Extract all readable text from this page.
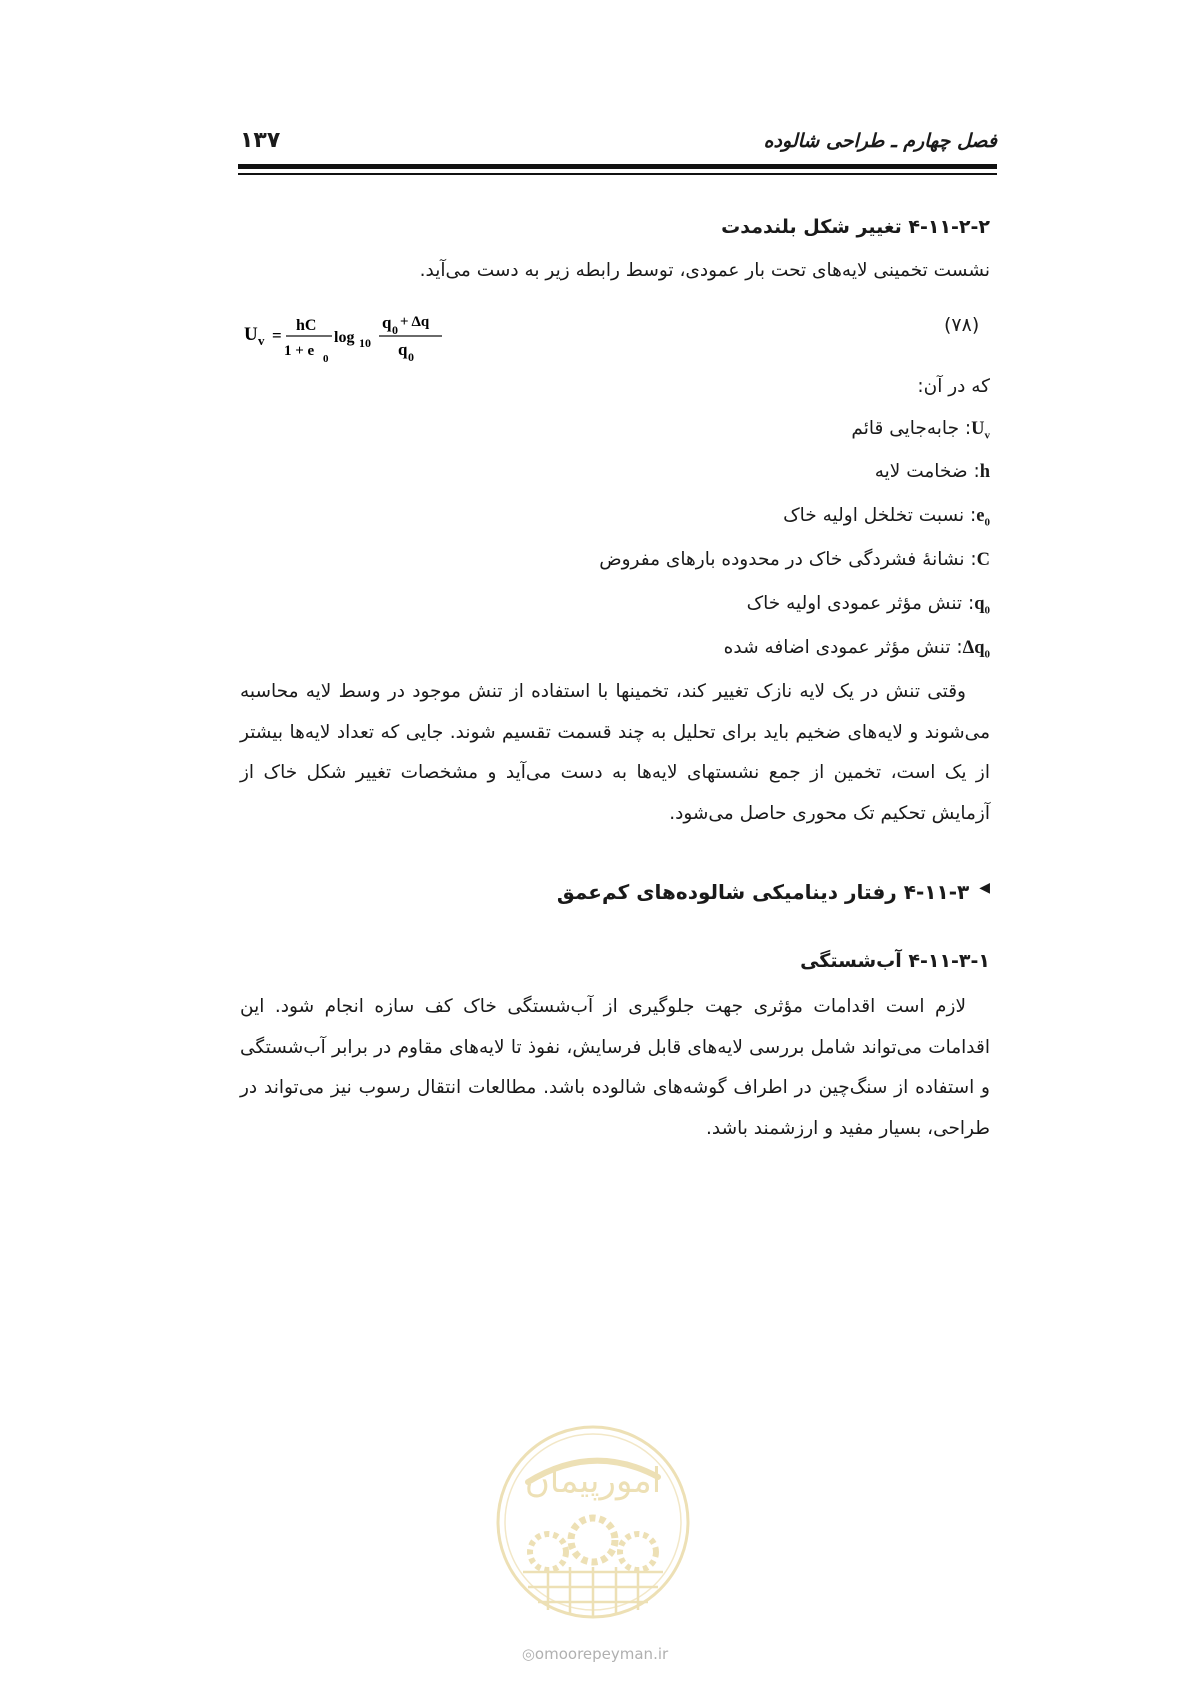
۱۳۷	فصل چهارم ـ طراحی شالوده
۴-۱۱-۲-۲ تغییر شکل بلندمدت
نشست تخمینی لایه‌های تحت بار عمودی، توسط رابطه زیر به دست می‌آید.
(۷۸)
U v =
hC
1 + e 0
log 10
q 0 + Δq
q 0
که در آن:
$U_v$: جابه‌جایی قائم
h: ضخامت لایه
$e_0$: نسبت تخلخل اولیه خاک
C: نشانهٔ فشردگی خاک در محدوده بارهای مفروض
$q_0$: تنش مؤثر عمودی اولیه خاک
$\Delta q_0$: تنش مؤثر عمودی اضافه شده
وقتی تنش در یک لایه نازک تغییر کند، تخمینها با استفاده از تنش موجود در وسط لایه محاسبه می‌شوند و لایه‌های ضخیم باید برای تحلیل به چند قسمت تقسیم شوند. جایی که تعداد لایه‌ها بیشتر از یک است، تخمین از جمع نشستهای لایه‌ها به دست می‌آید و مشخصات تغییر شکل خاک از آزمایش تحکیم تک محوری حاصل می‌شود.
◀
۴-۱۱-۳ رفتار دینامیکی شالوده‌های کم‌عمق
۴-۱۱-۳-۱ آب‌شستگی
لازم است اقدامات مؤثری جهت جلوگیری از آب‌شستگی خاک کف سازه انجام شود. این اقدامات می‌تواند شامل بررسی لایه‌های قابل فرسایش، نفوذ تا لایه‌های مقاوم در برابر آب‌شستگی و استفاده از سنگ‌چین در اطراف گوشه‌های شالوده باشد. مطالعات انتقال رسوب نیز می‌تواند در طراحی، بسیار مفید و ارزشمند باشد.
امورپیمان
◎omoorepeyman.ir
